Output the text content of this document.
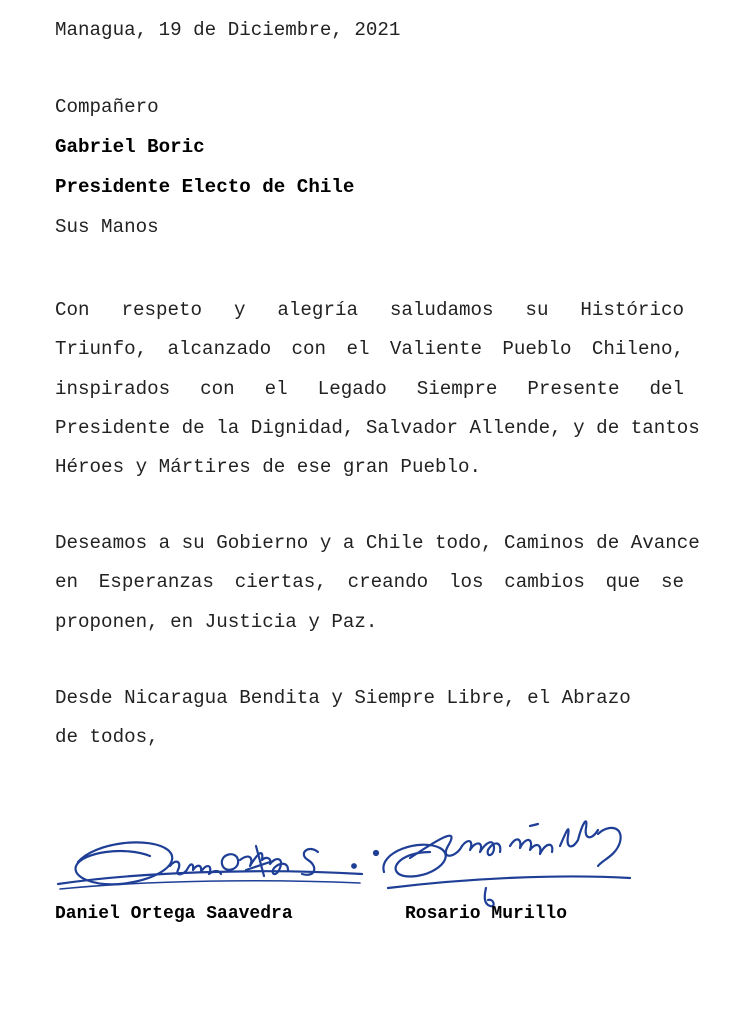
Managua, 19 de Diciembre, 2021

Compañero

Gabriel Boric

Presidente Electo de Chile

Sus Manos

Con respeto y alegría saludamos su Histórico
Triunfo, alcanzado con el Valiente Pueblo Chileno,
inspirados con el Legado Siempre Presente del
Presidente de la Dignidad, Salvador Allende, y de tantos
Héroes y Mártires de ese gran Pueblo.
Deseamos a su Gobierno y a Chile todo, Caminos de Avance
en Esperanzas ciertas, creando los cambios que se
proponen, en Justicia y Paz.
Desde Nicaragua Bendita y Siempre Libre, el Abrazo
de todos,
Daniel Ortega Saavedra	Rosario Murillo
